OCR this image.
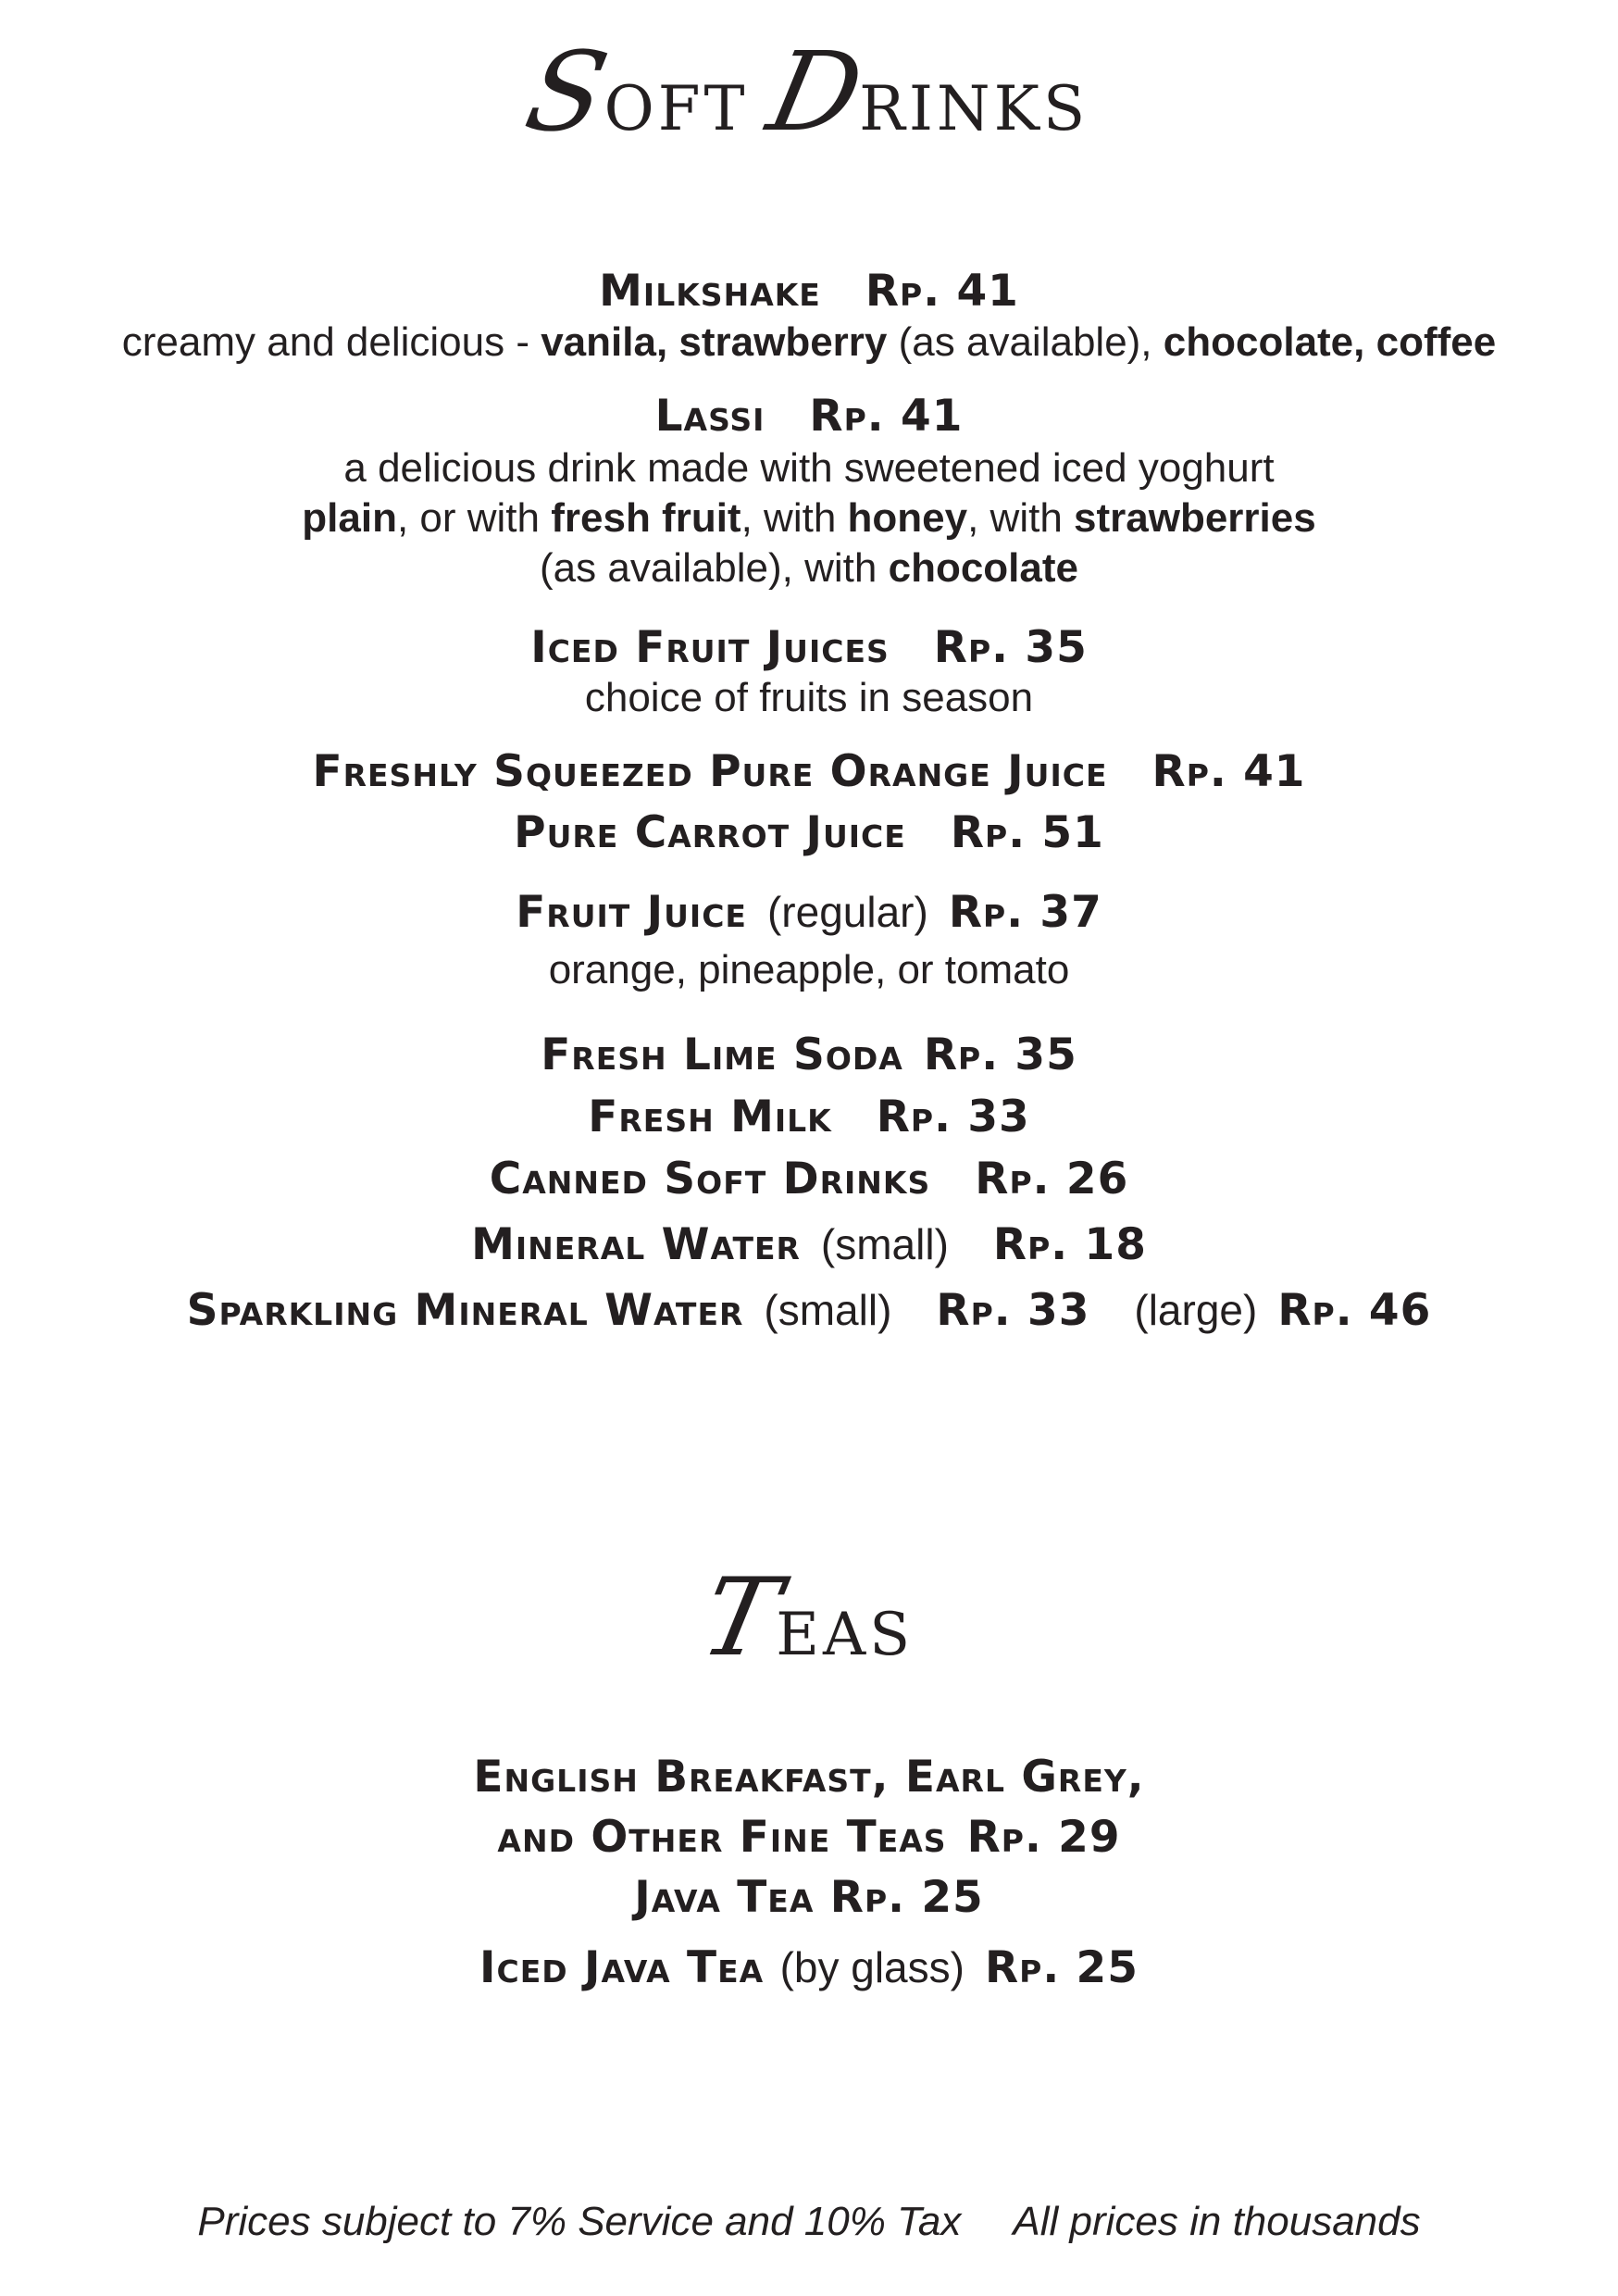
SOFT DRINKS
Milkshake Rp. 41
creamy and delicious - vanila, strawberry (as available), chocolate, coffee
Lassi Rp. 41
a delicious drink made with sweetened iced yoghurt
plain, or with fresh fruit, with honey, with strawberries
(as available), with chocolate
Iced Fruit Juices Rp. 35
choice of fruits in season
Freshly Squeezed Pure Orange Juice Rp. 41
Pure Carrot Juice Rp. 51
Fruit Juice (regular) Rp. 37
orange, pineapple, or tomato
Fresh Lime Soda Rp. 35
Fresh Milk Rp. 33
Canned Soft Drinks Rp. 26
Mineral Water (small) Rp. 18
Sparkling Mineral Water (small) Rp. 33 (large) Rp. 46
TEAS
English Breakfast, Earl Grey,
and Other Fine Teas Rp. 29
Java Tea Rp. 25
Iced Java Tea (by glass) Rp. 25
Prices subject to 7% Service and 10% Tax All prices in thousands
